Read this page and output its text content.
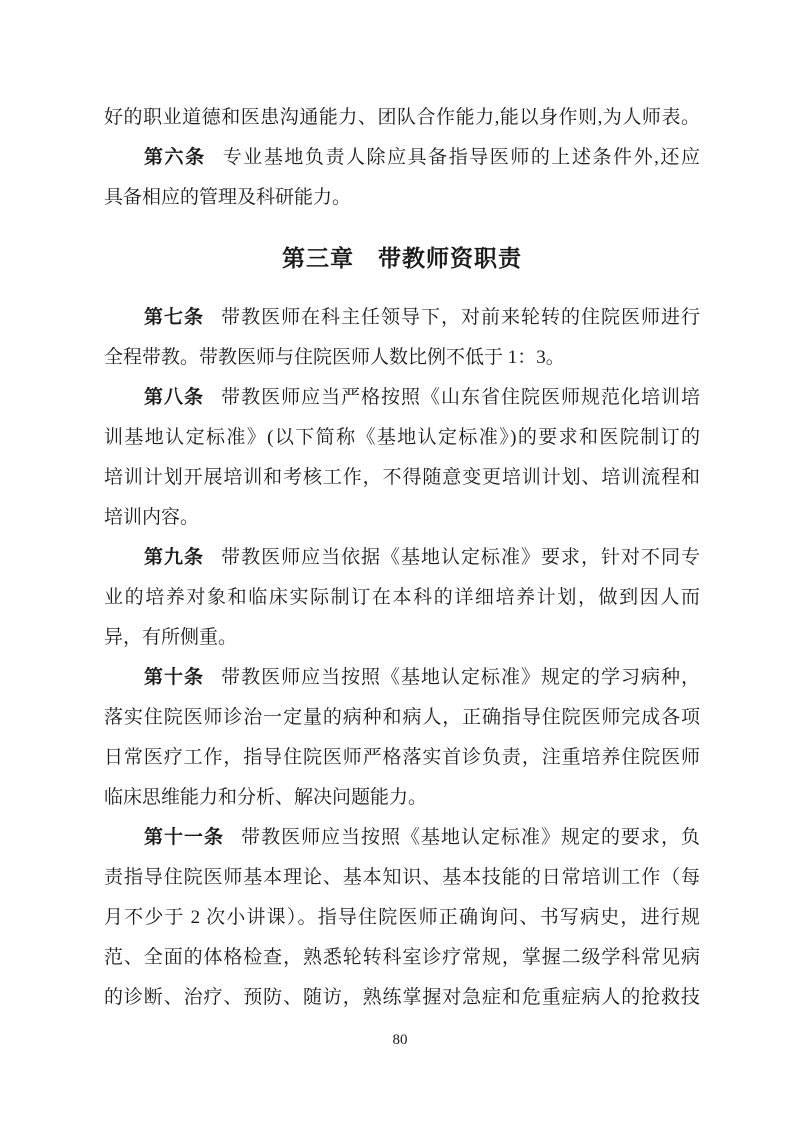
好的职业道德和医患沟通能力、团队合作能力,能以身作则,为人师表。
第六条 专业基地负责人除应具备指导医师的上述条件外,还应
具备相应的管理及科研能力。
第三章　带教师资职责
第七条 带教医师在科主任领导下，对前来轮转的住院医师进行
全程带教。带教医师与住院医师人数比例不低于 1：3。
第八条 带教医师应当严格按照《山东省住院医师规范化培训培
训基地认定标准》(以下简称《基地认定标准》)的要求和医院制订的
培训计划开展培训和考核工作，不得随意变更培训计划、培训流程和
培训内容。
第九条 带教医师应当依据《基地认定标准》要求，针对不同专
业的培养对象和临床实际制订在本科的详细培养计划，做到因人而
异，有所侧重。
第十条 带教医师应当按照《基地认定标准》规定的学习病种，
落实住院医师诊治一定量的病种和病人，正确指导住院医师完成各项
日常医疗工作，指导住院医师严格落实首诊负责，注重培养住院医师
临床思维能力和分析、解决问题能力。
第十一条 带教医师应当按照《基地认定标准》规定的要求，负
责指导住院医师基本理论、基本知识、基本技能的日常培训工作（每
月不少于 2 次小讲课）。指导住院医师正确询问、书写病史，进行规
范、全面的体格检查，熟悉轮转科室诊疗常规，掌握二级学科常见病
的诊断、治疗、预防、随访，熟练掌握对急症和危重症病人的抢救技
80
